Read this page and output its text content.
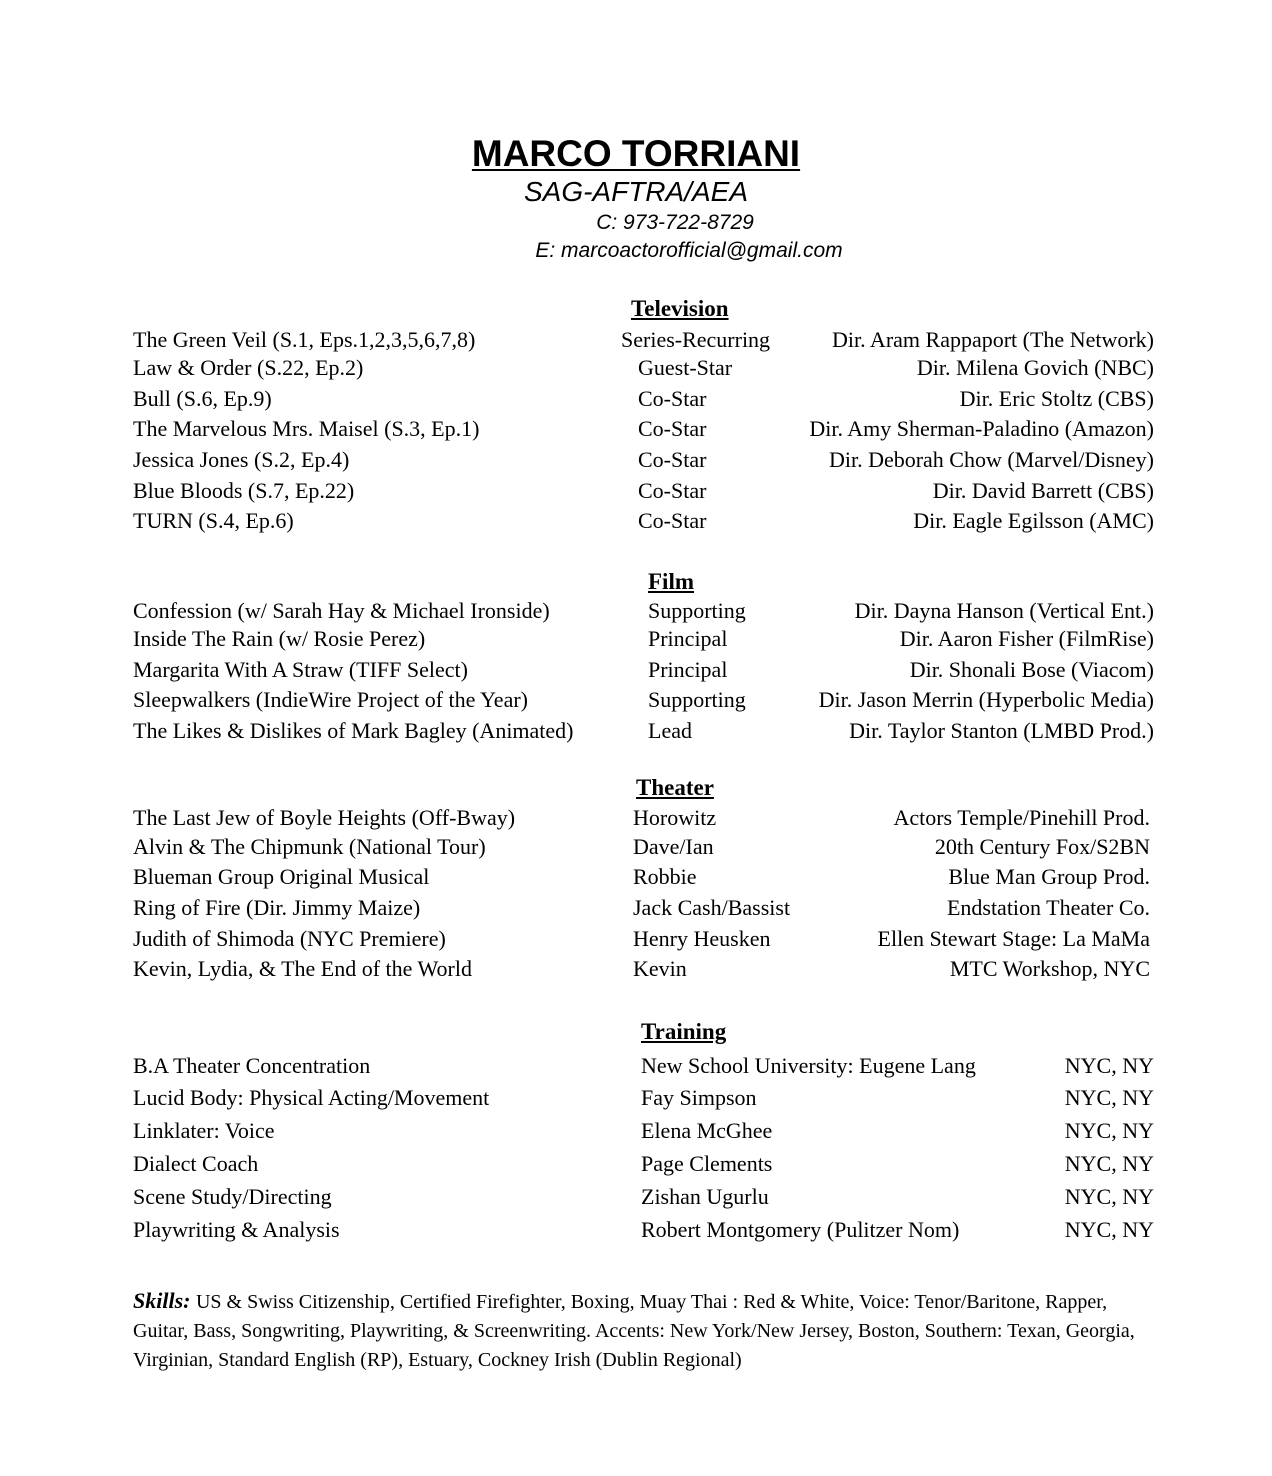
MARCO TORRIANI
SAG-AFTRA/AEA
C: 973-722-8729
E: marcoactorofficial@gmail.com
Television
The Green Veil (S.1, Eps.1,2,3,5,6,7,8)	Series-Recurring	Dir. Aram Rappaport (The Network)
Law & Order (S.22, Ep.2)	Guest-Star	Dir. Milena Govich (NBC)
Bull (S.6, Ep.9)	Co-Star	Dir. Eric Stoltz (CBS)
The Marvelous Mrs. Maisel (S.3, Ep.1)	Co-Star	Dir. Amy Sherman-Paladino (Amazon)
Jessica Jones (S.2, Ep.4)	Co-Star	Dir. Deborah Chow (Marvel/Disney)
Blue Bloods (S.7, Ep.22)	Co-Star	Dir. David Barrett (CBS)
TURN (S.4, Ep.6)	Co-Star	Dir. Eagle Egilsson (AMC)
Film
Confession (w/ Sarah Hay & Michael Ironside)	Supporting	Dir. Dayna Hanson (Vertical Ent.)
Inside The Rain (w/ Rosie Perez)	Principal	Dir. Aaron Fisher (FilmRise)
Margarita With A Straw (TIFF Select)	Principal	Dir. Shonali Bose (Viacom)
Sleepwalkers (IndieWire Project of the Year)	Supporting	Dir. Jason Merrin (Hyperbolic Media)
The Likes & Dislikes of Mark Bagley (Animated)	Lead	Dir. Taylor Stanton (LMBD Prod.)
Theater
The Last Jew of Boyle Heights (Off-Bway)	Horowitz	Actors Temple/Pinehill Prod.
Alvin & The Chipmunk (National Tour)	Dave/Ian	20th Century Fox/S2BN
Blueman Group Original Musical	Robbie	Blue Man Group Prod.
Ring of Fire (Dir. Jimmy Maize)	Jack Cash/Bassist	Endstation Theater Co.
Judith of Shimoda (NYC Premiere)	Henry Heusken	Ellen Stewart Stage: La MaMa
Kevin, Lydia, & The End of the World	Kevin	MTC Workshop, NYC
Training
B.A Theater Concentration	New School University: Eugene Lang	NYC, NY
Lucid Body: Physical Acting/Movement	Fay Simpson	NYC, NY
Linklater: Voice	Elena McGhee	NYC, NY
Dialect Coach	Page Clements	NYC, NY
Scene Study/Directing	Zishan Ugurlu	NYC, NY
Playwriting & Analysis	Robert Montgomery (Pulitzer Nom)	NYC, NY
Skills: US & Swiss Citizenship, Certified Firefighter, Boxing, Muay Thai : Red & White, Voice: Tenor/Baritone, Rapper, Guitar, Bass, Songwriting, Playwriting, & Screenwriting. Accents: New York/New Jersey, Boston, Southern: Texan, Georgia, Virginian, Standard English (RP), Estuary, Cockney Irish (Dublin Regional)
